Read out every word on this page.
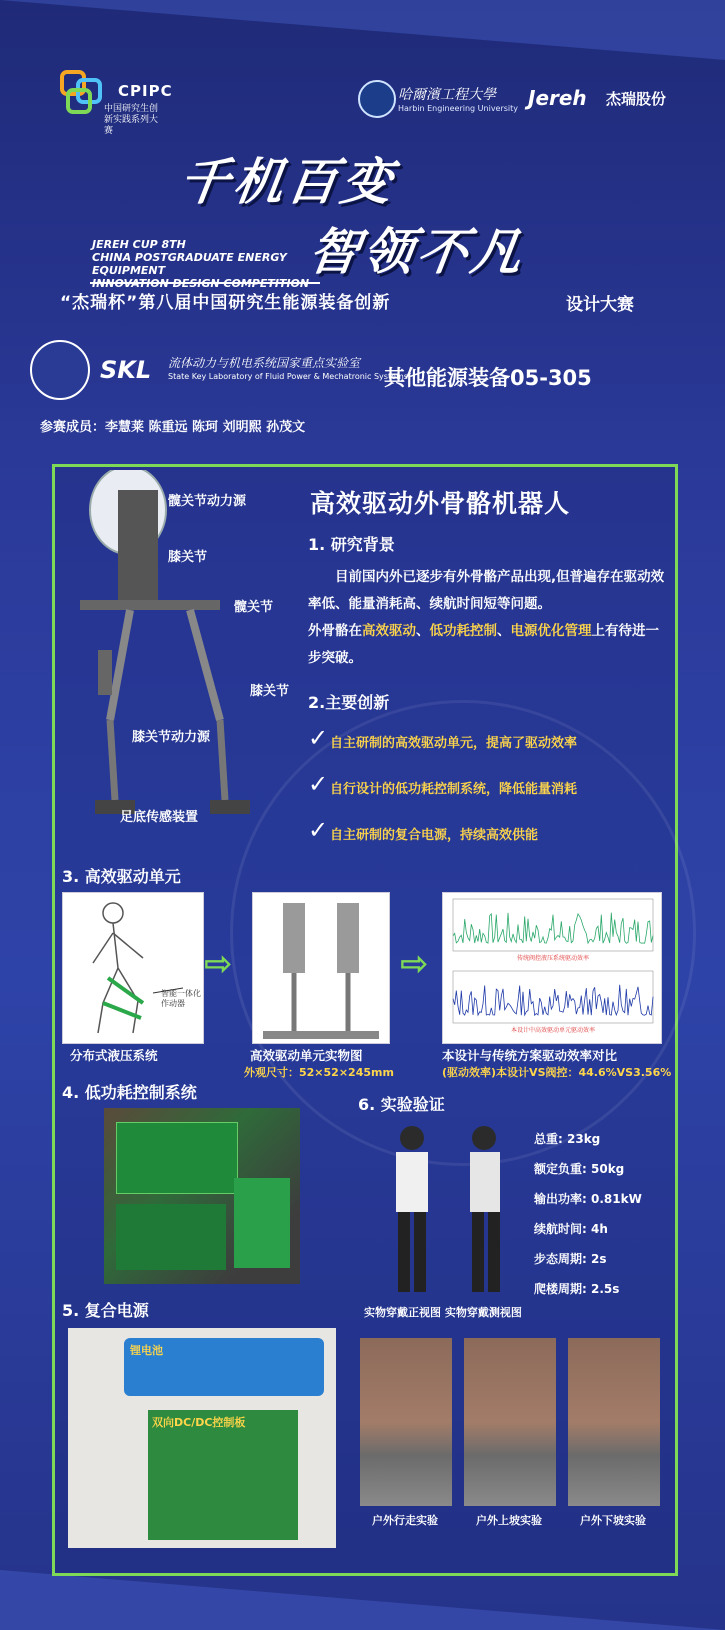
CPIPC
中国研究生创新实践系列大赛
哈爾濱工程大學
Harbin Engineering University Jereh 杰瑞股份
千机百变
智领不凡
JEREH CUP 8TH
CHINA POSTGRADUATE ENERGY EQUIPMENT
“杰瑞杯”第八届中国研究生能源装备创新	设计大赛
SKL 流体动力与机电系统国家重点实验室
State Key Laboratory of Fluid Power & Mechatronic Systems
其他能源装备05-305
参赛成员：李慧莱 陈重远 陈珂 刘明熙 孙茂文
髋关节动力源
膝关节
髋关节
膝关节
膝关节动力源
足底传感装置
高效驱动外骨骼机器人
1. 研究背景
目前国内外已逐步有外骨骼产品出现,但普遍存在驱动效率低、能量消耗高、续航时间短等问题。
外骨骼在高效驱动、低功耗控制、电源优化管理上有待进一步突破。
2.主要创新
✓ 自主研制的高效驱动单元，提高了驱动效率
✓ 自行设计的低功耗控制系统，降低能量消耗
✓ 自主研制的复合电源，持续高效供能
3. 高效驱动单元
智能一体化作动器
分布式液压系统
⇨
高效驱动单元实物图
外观尺寸：52×52×245mm
⇨	传统阀控液压系统驱动效率
本设计中高效驱动单元驱动效率
本设计与传统方案驱动效率对比
(驱动效率)本设计VS阀控：44.6%VS3.56%
4. 低功耗控制系统
5. 复合电源
锂电池
双向DC/DC控制板
6. 实验验证
实物穿戴正视图 实物穿戴测视图
总重: 23kg
额定负重: 50kg
输出功率: 0.81kW
续航时间: 4h
步态周期: 2s
爬楼周期: 2.5s
户外行走实验	户外上坡实验	户外下坡实验
